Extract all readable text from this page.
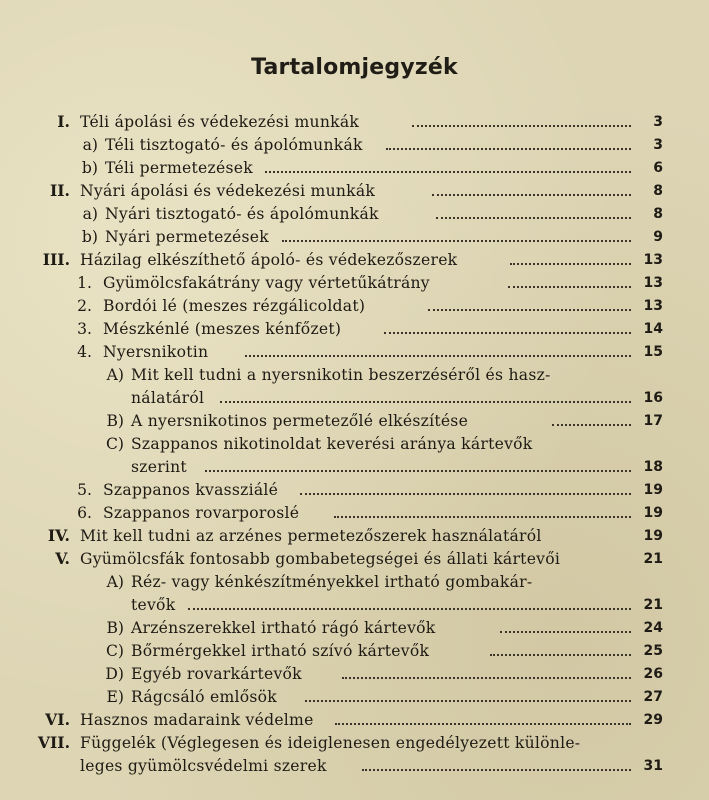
Tartalomjegyzék
I. Téli ápolási és védekezési munkák	3
a) Téli tisztogató- és ápolómunkák	3
b) Téli permetezések	6
II. Nyári ápolási és védekezési munkák	8
a) Nyári tisztogató- és ápolómunkák	8
b) Nyári permetezések	9
III. Házilag elkészíthető ápoló- és védekezőszerek	13
1. Gyümölcsfakátrány vagy vértetűkátrány	13
2. Bordói lé (meszes rézgálicoldat)	13
3. Mészkénlé (meszes kénfőzet)	14
4. Nyersnikotin	15
A) Mit kell tudni a nyersnikotin beszerzéséről és hasz-
nálatáról	16
B) A nyersnikotinos permetezőlé elkészítése	17
C) Szappanos nikotinoldat keverési aránya kártevők
szerint	18
5. Szappanos kvassziálé	19
6. Szappanos rovarporoslé	19
IV. Mit kell tudni az arzénes permetezőszerek használatáról	19
V. Gyümölcsfák fontosabb gombabetegségei és állati kártevői	21
A) Réz- vagy kénkészítményekkel irtható gombakár-
tevők	21
B) Arzénszerekkel irtható rágó kártevők	24
C) Bőrmérgekkel irtható szívó kártevők	25
D) Egyéb rovarkártevők	26
E) Rágcsáló emlősök	27
VI. Hasznos madaraink védelme	29
VII. Függelék (Véglegesen és ideiglenesen engedélyezett különle-
leges gyümölcsvédelmi szerek	31
